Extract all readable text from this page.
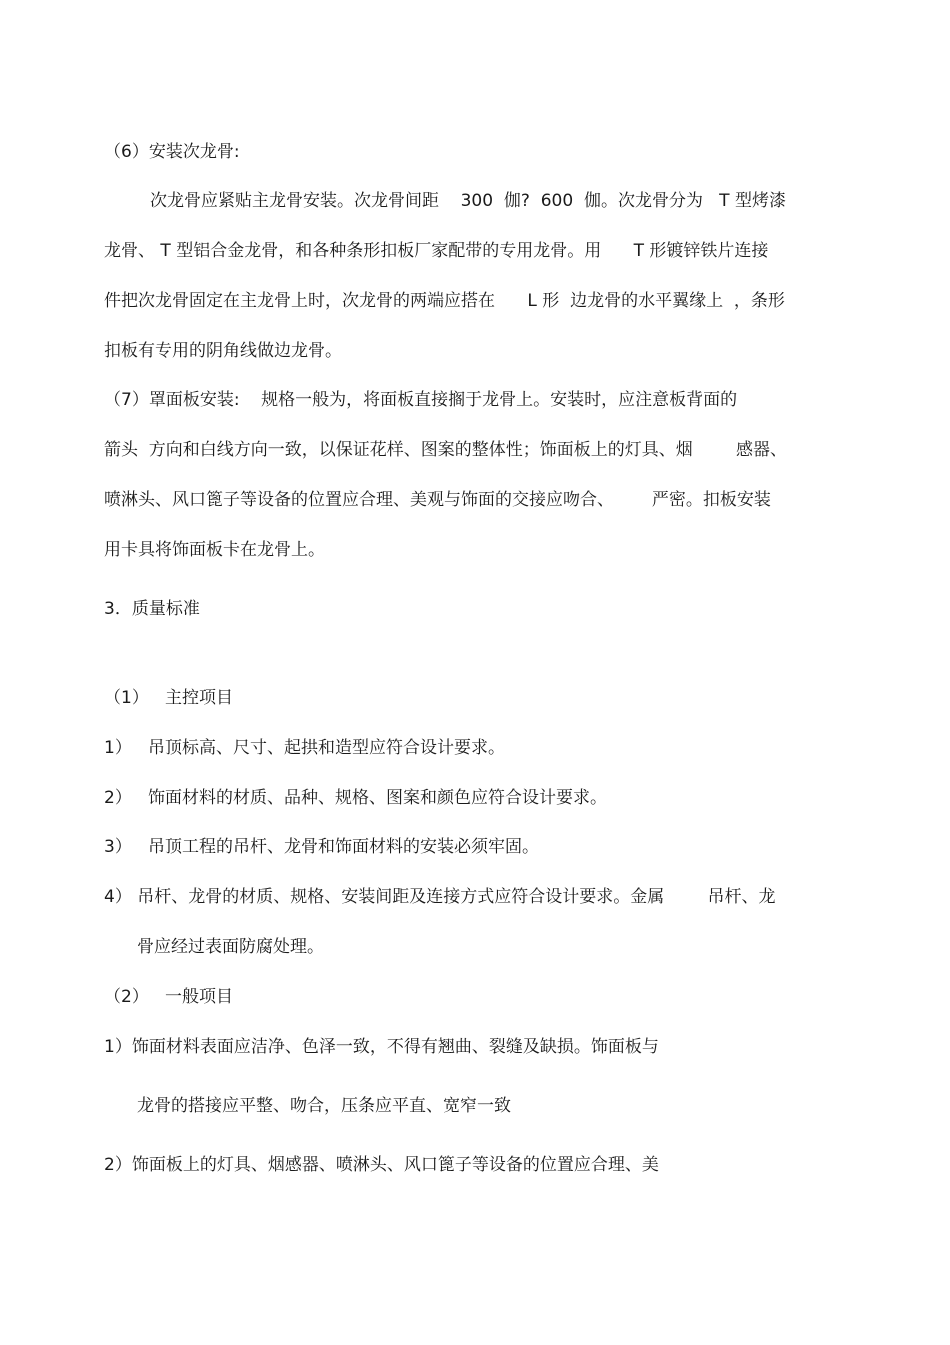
（6）安装次龙骨:
次龙骨应紧贴主龙骨安装。次龙骨间距    300  伽?  600  伽。次龙骨分为   T 型烤漆
龙骨、 T 型铝合金龙骨，和各种条形扣板厂家配带的专用龙骨。用      T 形镀锌铁片连接
件把次龙骨固定在主龙骨上时，次龙骨的两端应搭在      L 形  边龙骨的水平翼缘上  ，条形
扣板有专用的阴角线做边龙骨。
（7）罩面板安装:    规格一般为，将面板直接搁于龙骨上。安装时，应注意板背面的
箭头  方向和白线方向一致，以保证花样、图案的整体性；饰面板上的灯具、烟        感器、
喷淋头、风口篦子等设备的位置应合理、美观与饰面的交接应吻合、       严密。扣板安装
用卡具将饰面板卡在龙骨上。
3．质量标准
（1）   主控项目
1）   吊顶标高、尺寸、起拱和造型应符合设计要求。
2）   饰面材料的材质、品种、规格、图案和颜色应符合设计要求。
3）   吊顶工程的吊杆、龙骨和饰面材料的安装必须牢固。
4） 吊杆、龙骨的材质、规格、安装间距及连接方式应符合设计要求。金属        吊杆、龙
骨应经过表面防腐处理。
（2）   一般项目
1）饰面材料表面应洁净、色泽一致，不得有翘曲、裂缝及缺损。饰面板与
龙骨的搭接应平整、吻合，压条应平直、宽窄一致
2）饰面板上的灯具、烟感器、喷淋头、风口篦子等设备的位置应合理、美
